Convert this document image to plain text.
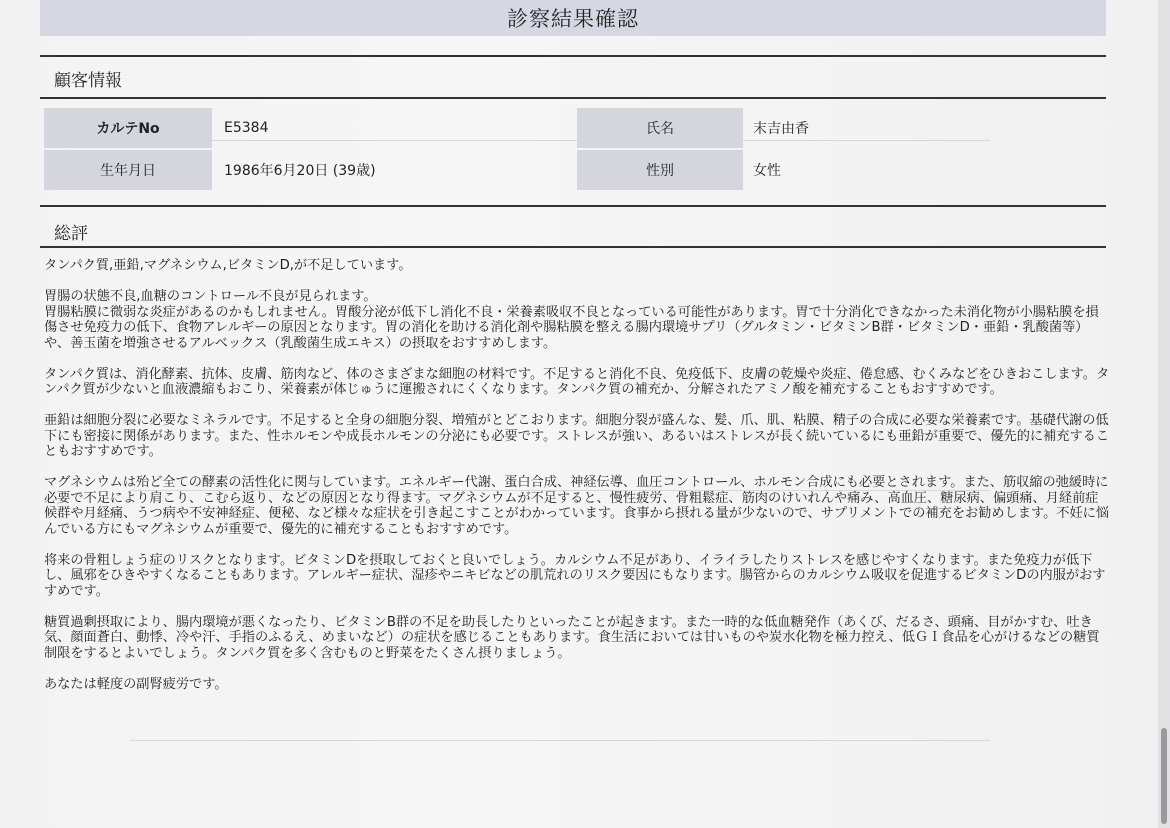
診察結果確認
顧客情報
カルテNo	E5384	氏名	末吉由香
生年月日	1986年6月20日 (39歳)	性別	女性
総評

タンパク質,亜鉛,マグネシウム,ビタミンD,が不足しています。

胃腸の状態不良,血糖のコントロール不良が見られます。
胃腸粘膜に微弱な炎症があるのかもしれません。胃酸分泌が低下し消化不良・栄養素吸収不良となっている可能性があります。胃で十分消化できなかった未消化物が小腸粘膜を損傷させ免疫力の低下、食物アレルギーの原因となります。胃の消化を助ける消化剤や腸粘膜を整える腸内環境サプリ（グルタミン・ビタミンB群・ビタミンD・亜鉛・乳酸菌等）や、善玉菌を増強させるアルベックス（乳酸菌生成エキス）の摂取をおすすめします。

タンパク質は、消化酵素、抗体、皮膚、筋肉など、体のさまざまな細胞の材料です。不足すると消化不良、免疫低下、皮膚の乾燥や炎症、倦怠感、むくみなどをひきおこします。タンパク質が少ないと血液濃縮もおこり、栄養素が体じゅうに運搬されにくくなります。タンパク質の補充か、分解されたアミノ酸を補充することもおすすめです。

亜鉛は細胞分裂に必要なミネラルです。不足すると全身の細胞分裂、増殖がとどこおります。細胞分裂が盛んな、髪、爪、肌、粘膜、精子の合成に必要な栄養素です。基礎代謝の低下にも密接に関係があります。また、性ホルモンや成長ホルモンの分泌にも必要です。ストレスが強い、あるいはストレスが長く続いているにも亜鉛が重要で、優先的に補充することもおすすめです。

マグネシウムは殆ど全ての酵素の活性化に関与しています。エネルギー代謝、蛋白合成、神経伝導、血圧コントロール、ホルモン合成にも必要とされます。また、筋収縮の弛緩時に必要で不足により肩こり、こむら返り、などの原因となり得ます。マグネシウムが不足すると、慢性疲労、骨粗鬆症、筋肉のけいれんや痛み、高血圧、糖尿病、偏頭痛、月経前症候群や月経痛、うつ病や不安神経症、便秘、など様々な症状を引き起こすことがわかっています。食事から摂れる量が少ないので、サプリメントでの補充をお勧めします。不妊に悩んでいる方にもマグネシウムが重要で、優先的に補充することもおすすめです。

将来の骨粗しょう症のリスクとなります。ビタミンDを摂取しておくと良いでしょう。カルシウム不足があり、イライラしたりストレスを感じやすくなります。また免疫力が低下し、風邪をひきやすくなることもあります。アレルギー症状、湿疹やニキビなどの肌荒れのリスク要因にもなります。腸管からのカルシウム吸収を促進するビタミンDの内服がおすすめです。

糖質過剰摂取により、腸内環境が悪くなったり、ビタミンB群の不足を助長したりといったことが起きます。また一時的な低血糖発作（あくび、だるさ、頭痛、目がかすむ、吐き気、顔面蒼白、動悸、冷や汗、手指のふるえ、めまいなど）の症状を感じることもあります。食生活においては甘いものや炭水化物を極力控え、低ＧＩ食品を心がけるなどの糖質制限をするとよいでしょう。タンパク質を多く含むものと野菜をたくさん摂りましょう。

あなたは軽度の副腎疲労です。
